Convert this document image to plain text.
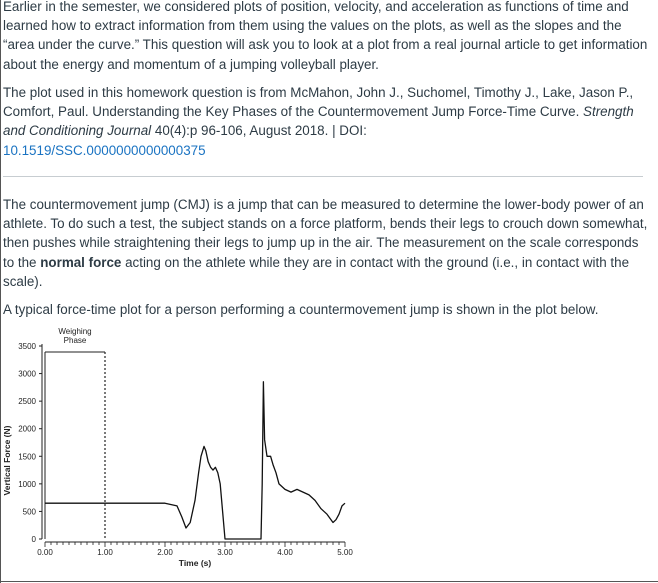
Earlier in the semester, we considered plots of position, velocity, and acceleration as functions of time and learned how to extract information from them using the values on the plots, as well as the slopes and the “area under the curve.” This question will ask you to look at a plot from a real journal article to get information about the energy and momentum of a jumping volleyball player.

The plot used in this homework question is from McMahon, John J., Suchomel, Timothy J., Lake, Jason P., Comfort, Paul. Understanding the Key Phases of the Countermovement Jump Force-Time Curve. Strength and Conditioning Journal 40(4):p 96-106, August 2018. | DOI:
10.1519/SSC.0000000000000375

The countermovement jump (CMJ) is a jump that can be measured to determine the lower-body power of an athlete. To do such a test, the subject stands on a force platform, bends their legs to crouch down somewhat, then pushes while straightening their legs to jump up in the air. The measurement on the scale corresponds to the normal force acting on the athlete while they are in contact with the ground (i.e., in contact with the scale).

A typical force-time plot for a person performing a countermovement jump is shown in the plot below.

0
500
1000
1500
2000
2500
3000
3500
0.00	1.00	2.00	3.00	4.00	5.00
Time (s)
Vertical Force (N)
Weighing
Phase
